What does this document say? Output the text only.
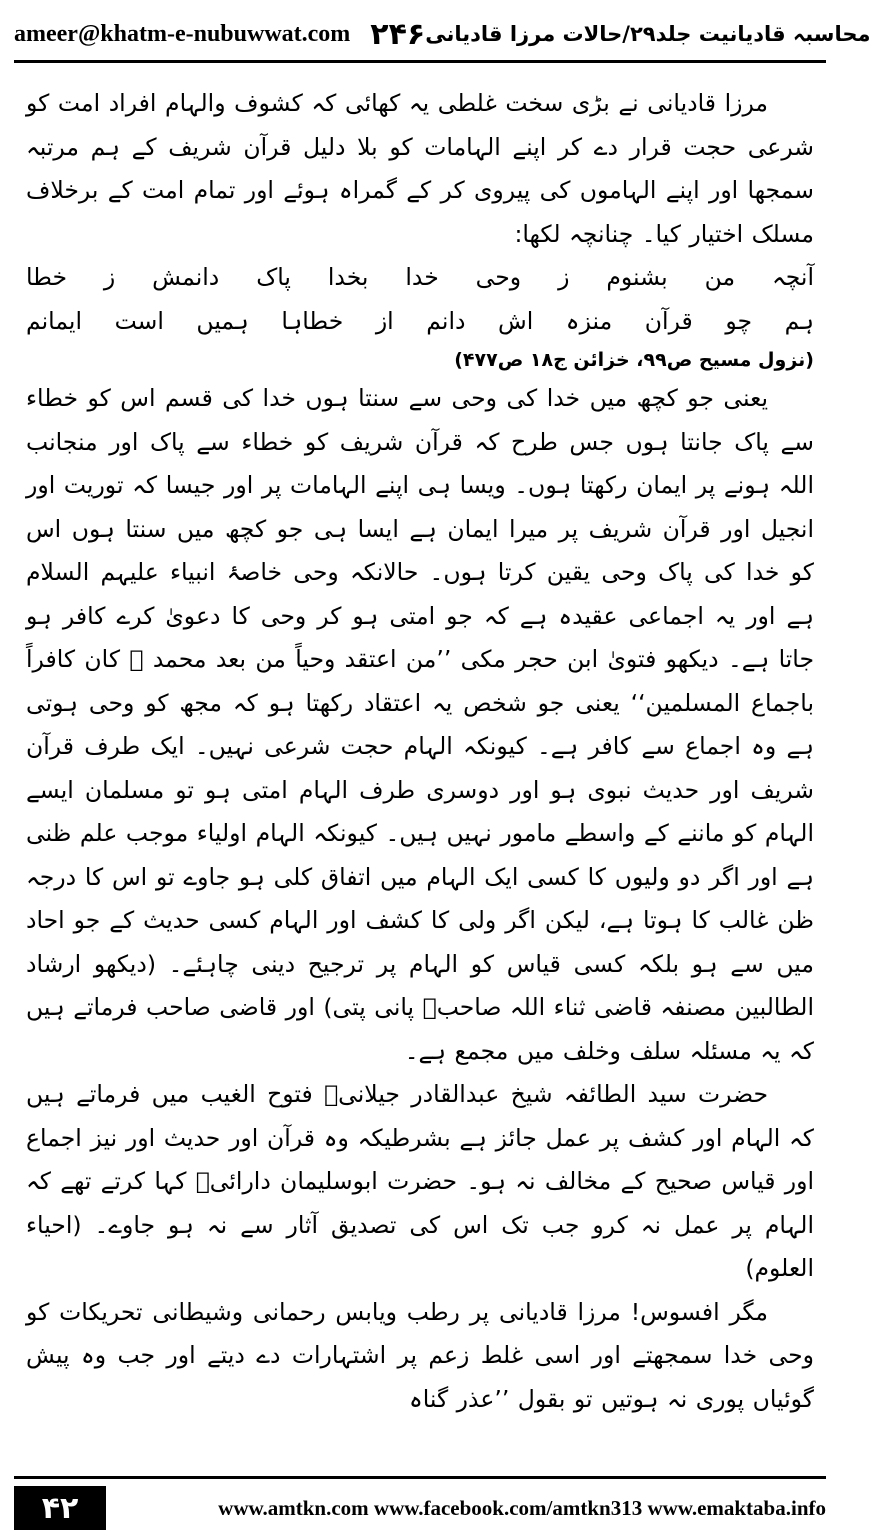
ameer@khatm-e-nubuwwat.com ۲۴۶ محاسبہ قادیانیت جلد۲۹/حالات مرزا قادیانی

مرزا قادیانی نے بڑی سخت غلطی یہ کھائی کہ کشوف والہام افراد امت کو شرعی حجت قرار دے کر اپنے الہامات کو بلا دلیل قرآن شریف کے ہم مرتبہ سمجھا اور اپنے الہاموں کی پیروی کر کے گمراہ ہوئے اور تمام امت کے برخلاف مسلک اختیار کیا۔ چنانچہ لکھا:

آنچہ من بشنوم ز وحی خدا بخدا پاک دانمش ز خطا

ہم چو قرآن منزہ اش دانم از خطاہا ہمیں است ایمانم

(نزول مسیح ص۹۹، خزائن ج۱۸ ص۴۷۷)

یعنی جو کچھ میں خدا کی وحی سے سنتا ہوں خدا کی قسم اس کو خطاء سے پاک جانتا ہوں جس طرح کہ قرآن شریف کو خطاء سے پاک اور منجانب اللہ ہونے پر ایمان رکھتا ہوں۔ ویسا ہی اپنے الہامات پر اور جیسا کہ توریت اور انجیل اور قرآن شریف پر میرا ایمان ہے ایسا ہی جو کچھ میں سنتا ہوں اس کو خدا کی پاک وحی یقین کرتا ہوں۔ حالانکہ وحی خاصۂ انبیاء علیہم السلام ہے اور یہ اجماعی عقیدہ ہے کہ جو امتی ہو کر وحی کا دعویٰ کرے کافر ہو جاتا ہے۔ دیکھو فتویٰ ابن حجر مکی ’’من اعتقد وحیاً من بعد محمد ﷺ کان کافراً باجماع المسلمین‘‘ یعنی جو شخص یہ اعتقاد رکھتا ہو کہ مجھ کو وحی ہوتی ہے وہ اجماع سے کافر ہے۔ کیونکہ الہام حجت شرعی نہیں۔ ایک طرف قرآن شریف اور حدیث نبوی ہو اور دوسری طرف الہام امتی ہو تو مسلمان ایسے الہام کو ماننے کے واسطے مامور نہیں ہیں۔ کیونکہ الہام اولیاء موجب علم ظنی ہے اور اگر دو ولیوں کا کسی ایک الہام میں اتفاق کلی ہو جاوے تو اس کا درجہ ظن غالب کا ہوتا ہے، لیکن اگر ولی کا کشف اور الہام کسی حدیث کے جو احاد میں سے ہو بلکہ کسی قیاس کو الہام پر ترجیح دینی چاہئے۔ (دیکھو ارشاد الطالبین مصنفہ قاضی ثناء اللہ صاحبؒ پانی پتی) اور قاضی صاحب فرماتے ہیں کہ یہ مسئلہ سلف وخلف میں مجمع ہے۔

حضرت سید الطائفہ شیخ عبدالقادر جیلانیؒ فتوح الغیب میں فرماتے ہیں کہ الہام اور کشف پر عمل جائز ہے بشرطیکہ وہ قرآن اور حدیث اور نیز اجماع اور قیاس صحیح کے مخالف نہ ہو۔ حضرت ابوسلیمان دارائیؒ کہا کرتے تھے کہ الہام پر عمل نہ کرو جب تک اس کی تصدیق آثار سے نہ ہو جاوے۔ (احیاء العلوم)

مگر افسوس! مرزا قادیانی پر رطب ویابس رحمانی وشیطانی تحریکات کو وحی خدا سمجھتے اور اسی غلط زعم پر اشتہارات دے دیتے اور جب وہ پیش گوئیاں پوری نہ ہوتیں تو بقول ’’عذر گناہ

۴۲	www.amtkn.com www.facebook.com/amtkn313 www.emaktaba.info
